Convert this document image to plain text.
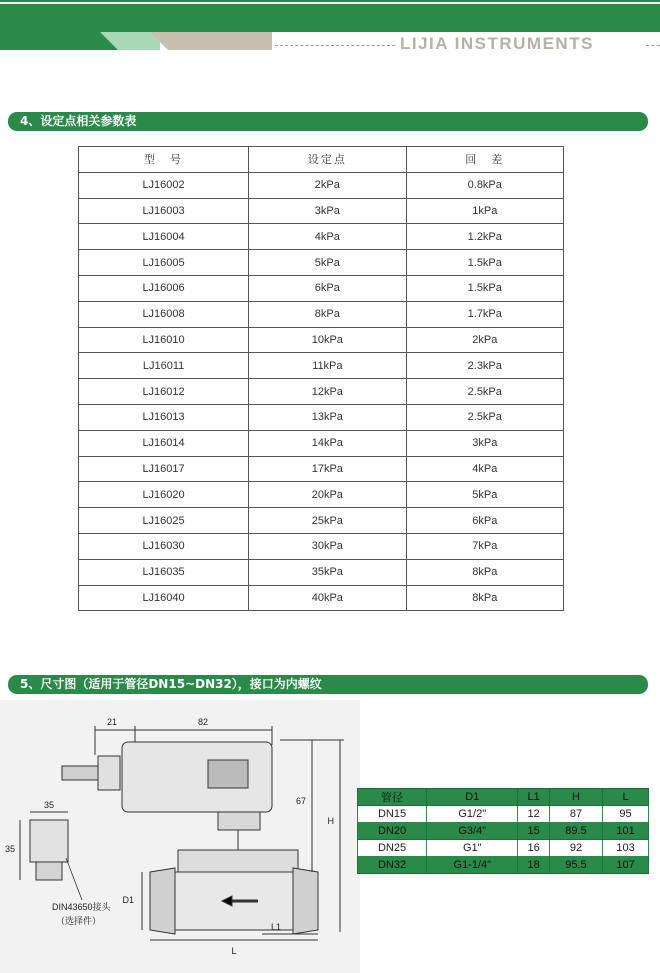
LIJIA INSTRUMENTS
4、设定点相关参数表
型　号	设定点	回　差
LJ16002	2kPa	0.8kPa
LJ16003	3kPa	1kPa
LJ16004	4kPa	1.2kPa
LJ16005	5kPa	1.5kPa
LJ16006	6kPa	1.5kPa
LJ16008	8kPa	1.7kPa
LJ16010	10kPa	2kPa
LJ16011	11kPa	2.3kPa
LJ16012	12kPa	2.5kPa
LJ16013	13kPa	2.5kPa
LJ16014	14kPa	3kPa
LJ16017	17kPa	4kPa
LJ16020	20kPa	5kPa
LJ16025	25kPa	6kPa
LJ16030	30kPa	7kPa
LJ16035	35kPa	8kPa
LJ16040	40kPa	8kPa
5、尺寸图（适用于管径DN15~DN32），接口为内螺纹
21	82
35
35
67
H
D1
L
L1
DIN43650接头
（选择件）
管径	D1	L1	H	L
DN15	G1/2"	12	87	95
DN20	G3/4"	15	89.5	101
DN25	G1"	16	92	103
DN32	G1-1/4"	18	95.5	107
